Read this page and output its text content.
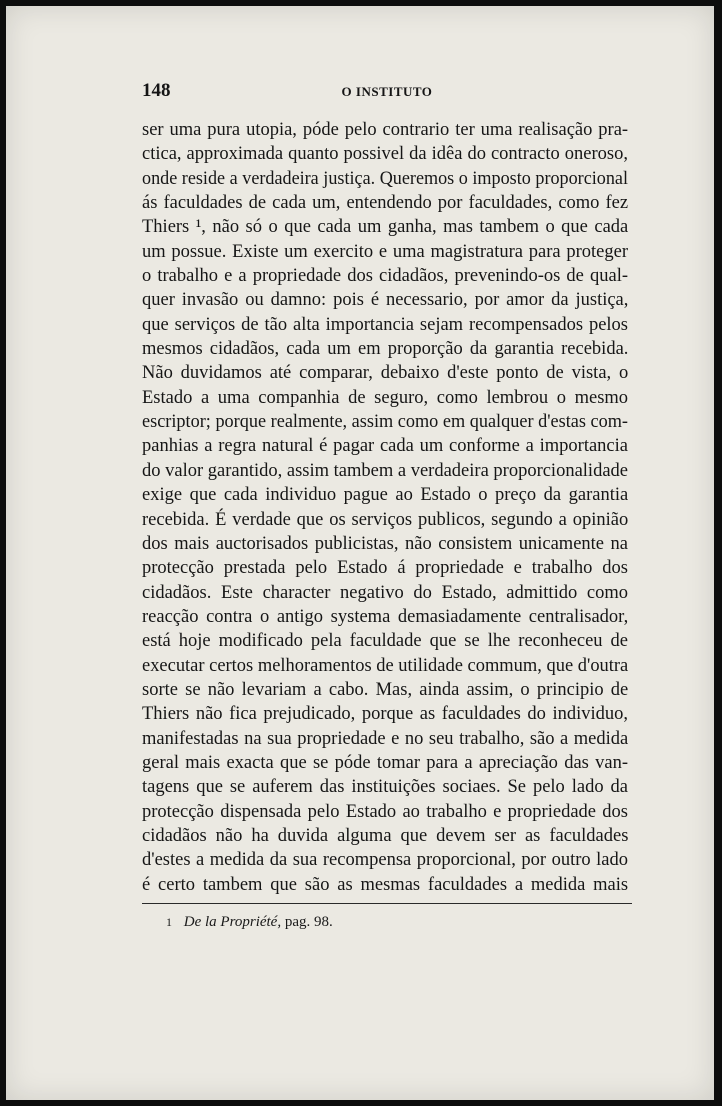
148	O INSTITUTO
ser uma pura utopia, póde pelo contrario ter uma realisação pra-
ctica, approximada quanto possivel da idêa do contracto oneroso,
onde reside a verdadeira justiça. Queremos o imposto proporcional
ás faculdades de cada um, entendendo por faculdades, como fez
Thiers ¹, não só o que cada um ganha, mas tambem o que cada
um possue. Existe um exercito e uma magistratura para proteger
o trabalho e a propriedade dos cidadãos, prevenindo-os de qual-
quer invasão ou damno: pois é necessario, por amor da justiça,
que serviços de tão alta importancia sejam recompensados pelos
mesmos cidadãos, cada um em proporção da garantia recebida.
Não duvidamos até comparar, debaixo d'este ponto de vista, o
Estado a uma companhia de seguro, como lembrou o mesmo
escriptor; porque realmente, assim como em qualquer d'estas com-
panhias a regra natural é pagar cada um conforme a importancia
do valor garantido, assim tambem a verdadeira proporcionalidade
exige que cada individuo pague ao Estado o preço da garantia
recebida. É verdade que os serviços publicos, segundo a opinião
dos mais auctorisados publicistas, não consistem unicamente na
protecção prestada pelo Estado á propriedade e trabalho dos
cidadãos. Este character negativo do Estado, admittido como
reacção contra o antigo systema demasiadamente centralisador,
está hoje modificado pela faculdade que se lhe reconheceu de
executar certos melhoramentos de utilidade commum, que d'outra
sorte se não levariam a cabo. Mas, ainda assim, o principio de
Thiers não fica prejudicado, porque as faculdades do individuo,
manifestadas na sua propriedade e no seu trabalho, são a medida
geral mais exacta que se póde tomar para a apreciação das van-
tagens que se auferem das instituições sociaes. Se pelo lado da
protecção dispensada pelo Estado ao trabalho e propriedade dos
cidadãos não ha duvida alguma que devem ser as faculdades
d'estes a medida da sua recompensa proporcional, por outro lado
é certo tambem que são as mesmas faculdades a medida mais
1 De la Propriété, pag. 98.
